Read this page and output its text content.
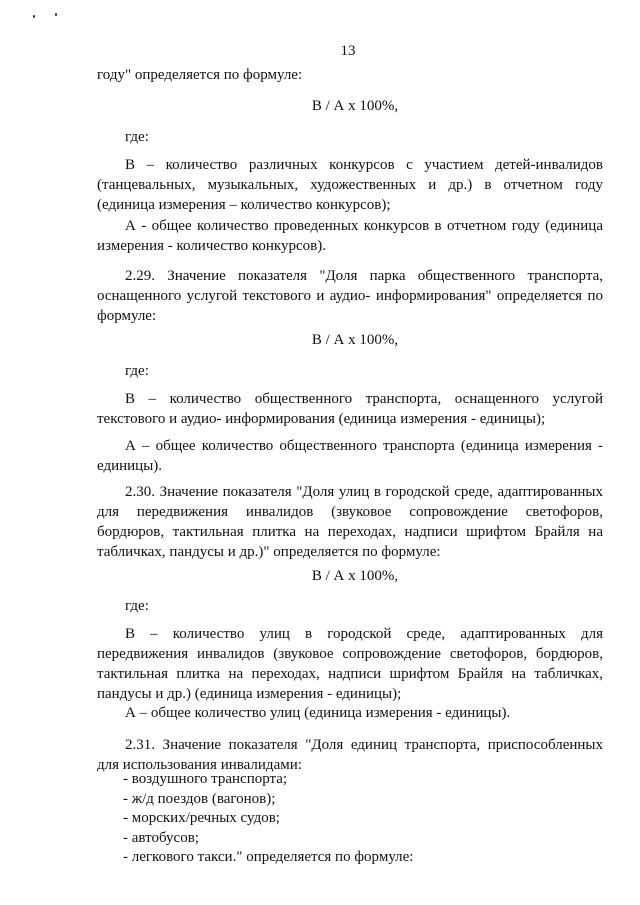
13

году" определяется по формуле:

В / А х 100%,

где:

В – количество различных конкурсов с участием детей-инвалидов (танцевальных, музыкальных, художественных и др.) в отчетном году (единица измерения – количество конкурсов);

А - общее количество проведенных конкурсов в отчетном году (единица измерения - количество конкурсов).

2.29. Значение показателя "Доля парка общественного транспорта, оснащенного услугой текстового и аудио- информирования" определяется по формуле:

В / А х 100%,

где:

В – количество общественного транспорта, оснащенного услугой текстового и аудио- информирования (единица измерения - единицы);

А – общее количество общественного транспорта (единица измерения - единицы).

2.30. Значение показателя "Доля улиц в городской среде, адаптированных для передвижения инвалидов (звуковое сопровождение светофоров, бордюров, тактильная плитка на переходах, надписи шрифтом Брайля на табличках, пандусы и др.)" определяется по формуле:

В / А х 100%,

где:

В – количество улиц в городской среде, адаптированных для передвижения инвалидов (звуковое сопровождение светофоров, бордюров, тактильная плитка на переходах, надписи шрифтом Брайля на табличках, пандусы и др.) (единица измерения - единицы);

А – общее количество улиц (единица измерения - единицы).

2.31. Значение показателя "Доля единиц транспорта, приспособленных для использования инвалидами:

- воздушного транспорта;
- ж/д поездов (вагонов);
- морских/речных судов;
- автобусов;
- легкового такси." определяется по формуле:
